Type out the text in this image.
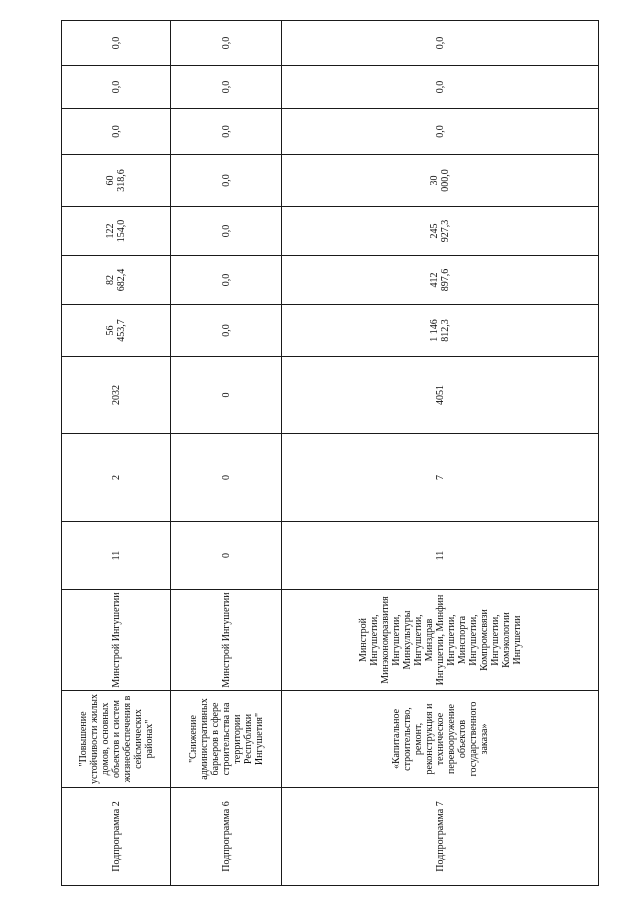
Подпрограмма 2	"Повышение устойчивости жилых домов, основных объектов и систем жизнеобеспечения в сейсмических районах"	Минстрой Ингушетии	11	2	2032	56 453,7	82 682,4	122 154,0	60 318,6	0,0	0,0	0,0
Подпрограмма 6	"Снижение административных барьеров в сфере строительства на территории Республики Ингушетия"	Минстрой Ингушетии	0	0	0	0,0	0,0	0,0	0,0	0,0	0,0	0,0
Подпрограмма 7	«Капитальное строительство, ремонт, реконструкция и техническое перевооружение объектов государственного заказа»	Минстрой Ингушетии, Минэкономразвития Ингушетии, Минкультуры Ингушетии, Минздрав Ингушетии, Минфин Ингушетии, Минспорта Ингушетии, Компромсвязи Ингушетии, Комэкологии Ингушетии	11	7	4051	1 146 812,3	412 897,6	245 927,3	30 000,0	0,0	0,0	0,0
